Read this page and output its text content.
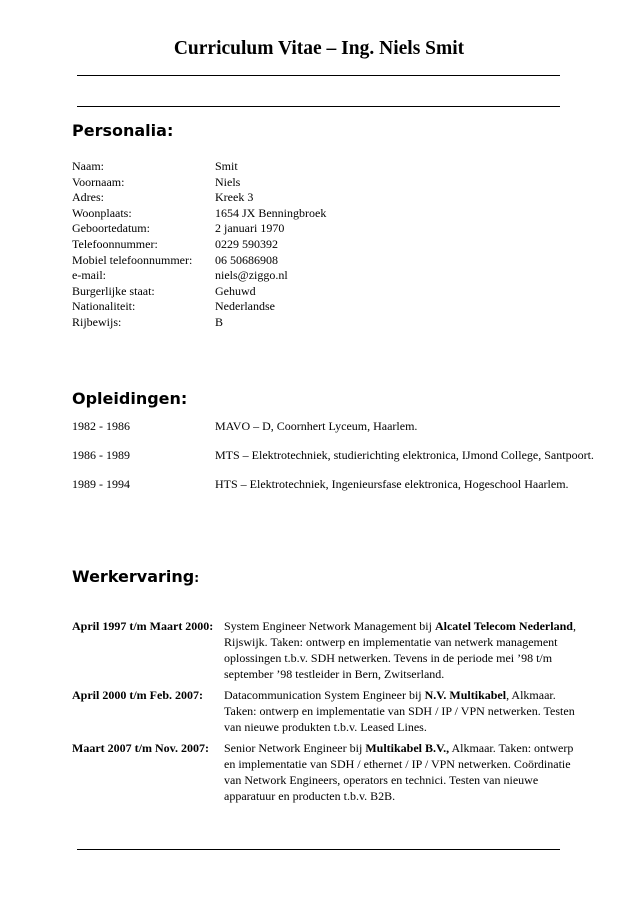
Curriculum Vitae – Ing. Niels Smit
Personalia:
Naam:	Smit
Voornaam:	Niels
Adres:	Kreek 3
Woonplaats:	1654 JX Benningbroek
Geboortedatum:	2 januari 1970
Telefoonnummer:	0229 590392
Mobiel telefoonnummer: 06 50686908
e-mail:	niels@ziggo.nl
Burgerlijke staat:	Gehuwd
Nationaliteit:	Nederlandse
Rijbewijs:	B
Opleidingen:
1982 - 1986	MAVO – D, Coornhert Lyceum, Haarlem.
1986 - 1989	MTS – Elektrotechniek, studierichting elektronica, IJmond College, Santpoort.
1989 - 1994	HTS – Elektrotechniek, Ingenieursfase elektronica, Hogeschool Haarlem.
Werkervaring:
April 1997 t/m Maart 2000: System Engineer Network Management bij Alcatel Telecom Nederland, Rijswijk. Taken: ontwerp en implementatie van netwerk management oplossingen t.b.v. SDH netwerken. Tevens in de periode mei ’98 t/m september ’98 testleider in Bern, Zwitserland.
April 2000 t/m Feb. 2007: Datacommunication System Engineer bij N.V. Multikabel, Alkmaar. Taken: ontwerp en implementatie van SDH / IP / VPN netwerken. Testen van nieuwe produkten t.b.v. Leased Lines.
Maart 2007 t/m Nov. 2007: Senior Network Engineer bij Multikabel B.V., Alkmaar. Taken: ontwerp en implementatie van SDH / ethernet / IP / VPN netwerken. Coördinatie van Network Engineers, operators en technici. Testen van nieuwe apparatuur en producten t.b.v. B2B.
